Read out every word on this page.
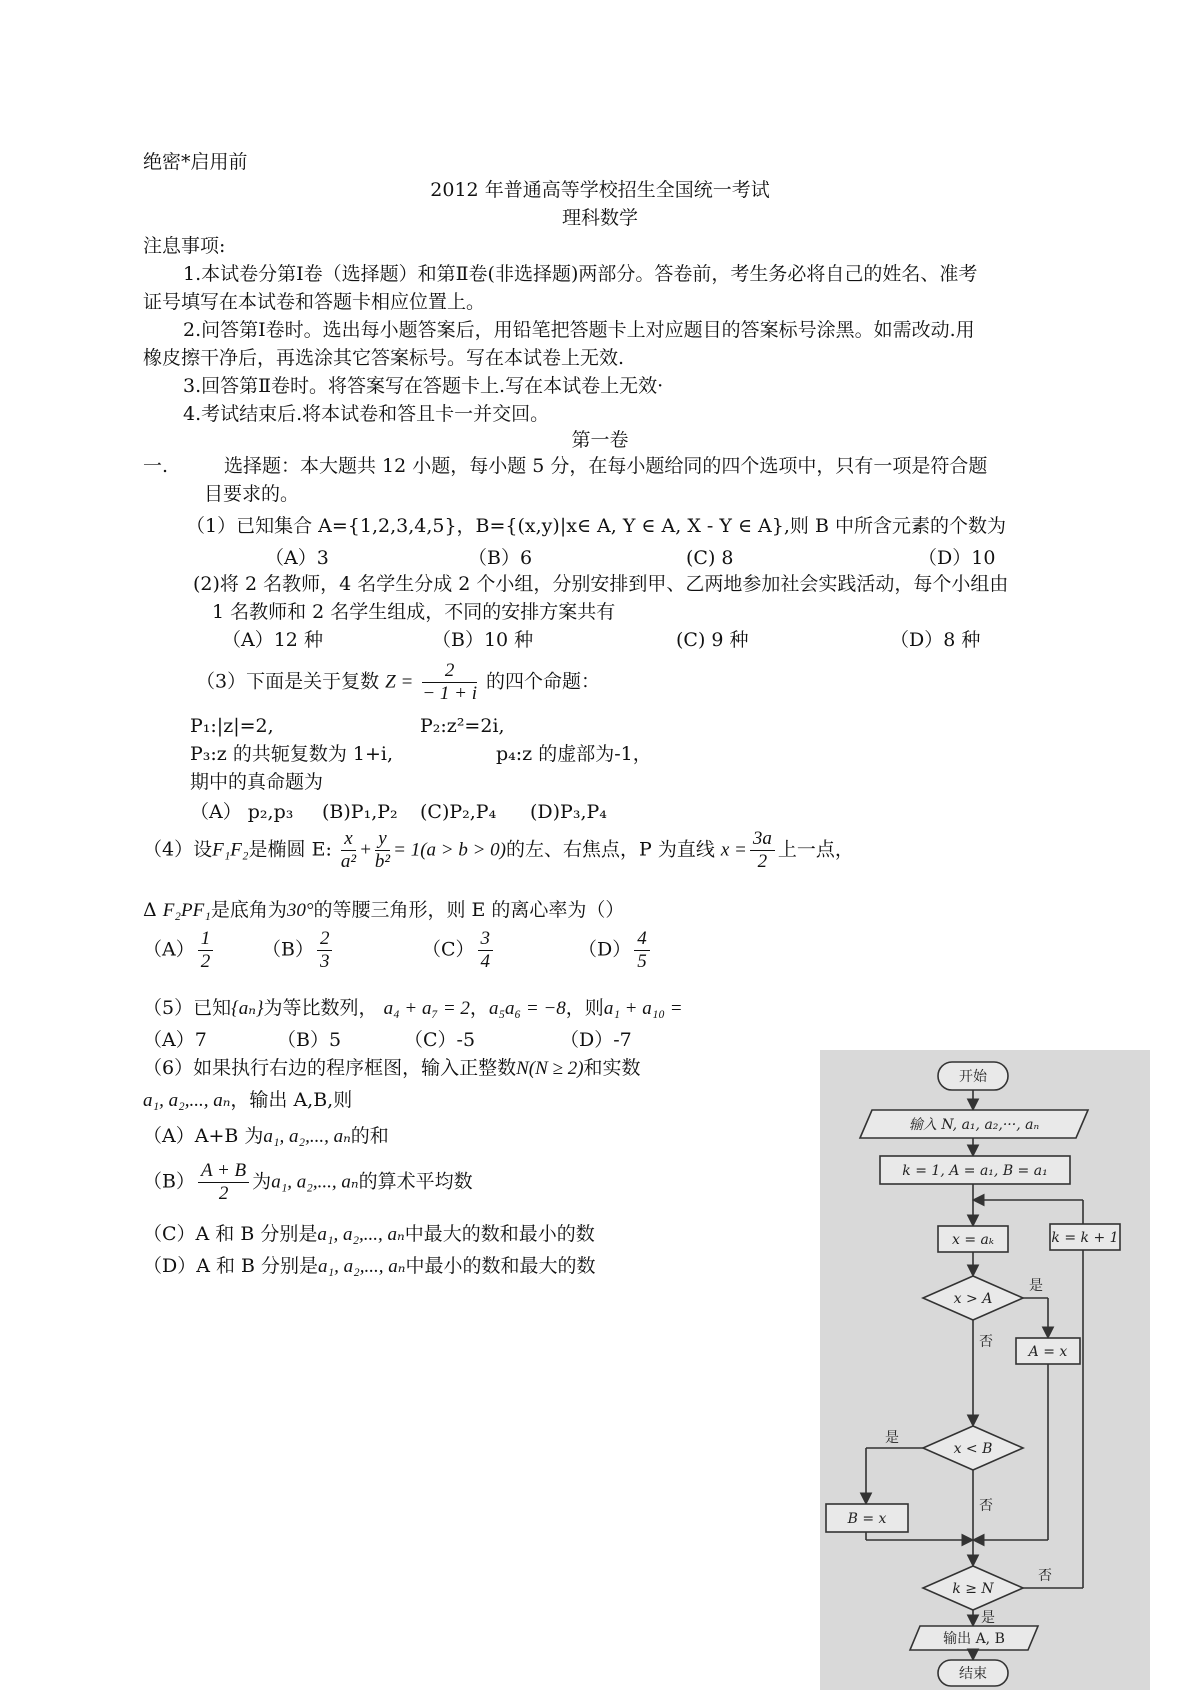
绝密*启用前
2012 年普通高等学校招生全国统一考试
理科数学
注息事项:
1.本试卷分第Ⅰ卷（选择题）和第Ⅱ卷(非选择题)两部分。答卷前，考生务必将自己的姓名、准考
证号填写在本试卷和答题卡相应位置上。
2.问答第Ⅰ卷时。选出每小题答案后，用铅笔把答题卡上对应题目的答案标号涂黑。如需改动.用
橡皮擦干净后，再选涂其它答案标号。写在本试卷上无效.
3.回答第Ⅱ卷时。将答案写在答题卡上.写在本试卷上无效·
4.考试结束后.将本试卷和答且卡一并交回。
第一卷
一.	选择题：本大题共 12 小题，每小题 5 分，在每小题给同的四个选项中，只有一项是符合题
目要求的。
（1）已知集合 A={1,2,3,4,5}，B={(x,y)|x∈ A, Y ∈ A, X - Y ∈ A},则 B 中所含元素的个数为
（A）3	（B）6	(C) 8	（D）10
(2)将 2 名教师，4 名学生分成 2 个小组，分别安排到甲、乙两地参加社会实践活动，每个小组由
1 名教师和 2 名学生组成，不同的安排方案共有
（A）12 种	（B）10 种	(C) 9 种	（D）8 种
（3）下面是关于复数 $Z = \frac{2}{- 1 + i}$ 的四个命题：
P₁:|z|=2,	P₂:z²=2i,
P₃:z 的共轭复数为 1+i,	p₄:z 的虚部为-1，
期中的真命题为
（A） p₂,p₃ (B)P₁,P₂ (C)P₂,P₄ (D)P₃,P₄
（4）设F₁F₂是椭圆 E: $\frac{x}{\text{a²}} + \frac{y}{\text{b²}} = 1(a > b > 0)$的左、右焦点，P 为直线 $x = \frac{3a}{2}$ 上一点，
Δ F₂PF₁是底角为30°的等腰三角形，则 E 的离心率为（）
$(A) \frac{1}{2}$	$(B) \frac{2}{3}$	$(C) \frac{3}{4}$	$(D) \frac{4}{5}$
（5）已知{aₙ}为等比数列， a₄ + a₇ = 2，a₅a₆ = −8，则a₁ + a₁₀ =
（A）7	（B）5	（C）-5	（D）-7
（6）如果执行右边的程序框图，输入正整数N(N ≥ 2)和实数
a₁, a₂,..., aₙ，输出 A,B,则
（A）A+B 为a₁, a₂,..., aₙ的和
$(B) \frac{A + B}{2}$ 为a₁, a₂,..., aₙ的算术平均数
（C）A 和 B 分别是a₁, a₂,..., aₙ中最大的数和最小的数
（D）A 和 B 分别是a₁, a₂,..., aₙ中最小的数和最大的数
开始
输入 N, a₁, a₂,···, aₙ
k = 1, A = a₁, B = a₁
x = aₖ
x > A
A = x
x < B
B = x
k = k + 1
k ≥ N
输出 A, B
结束
是
否
是
否
否
是
